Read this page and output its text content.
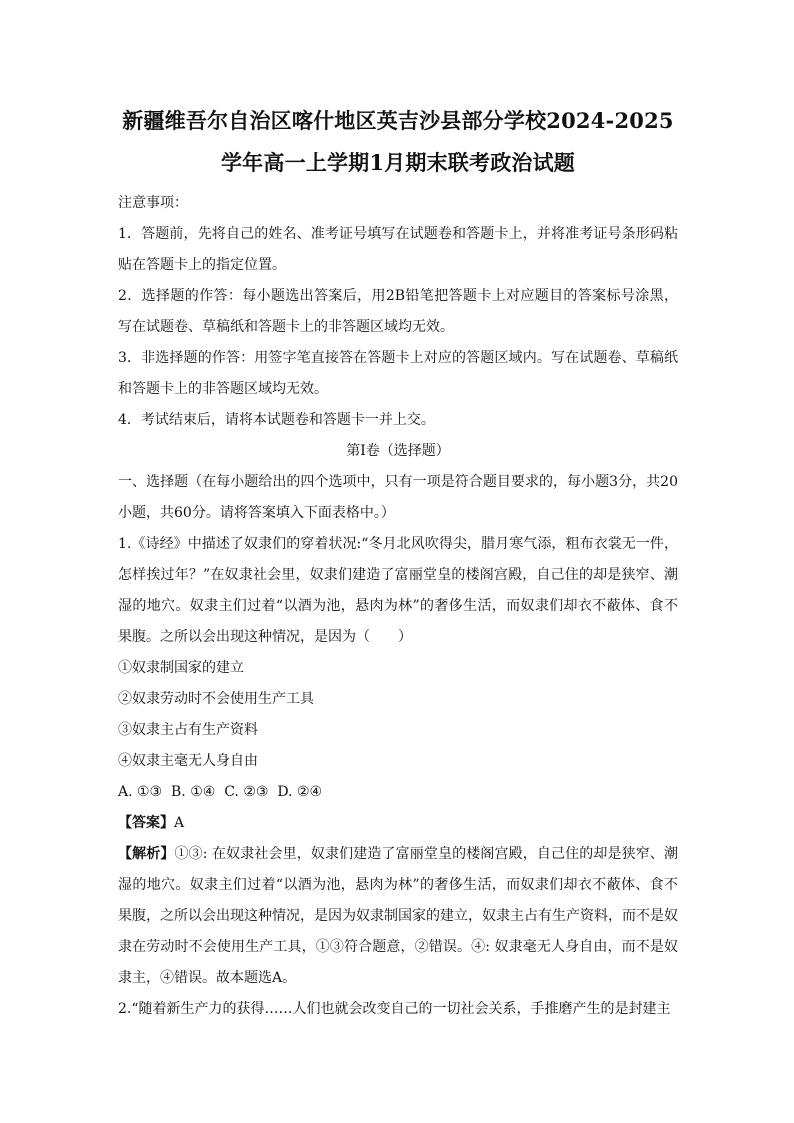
新疆维吾尔自治区喀什地区英吉沙县部分学校2024-2025
学年高一上学期1月期末联考政治试题

注意事项：

1．答题前，先将自己的姓名、准考证号填写在试题卷和答题卡上，并将准考证号条形码粘贴在答题卡上的指定位置。

2．选择题的作答：每小题选出答案后，用2B铅笔把答题卡上对应题目的答案标号涂黑，写在试题卷、草稿纸和答题卡上的非答题区域均无效。

3．非选择题的作答：用签字笔直接答在答题卡上对应的答题区域内。写在试题卷、草稿纸和答题卡上的非答题区域均无效。

4．考试结束后，请将本试题卷和答题卡一并上交。

第Ⅰ卷（选择题）

一、选择题（在每小题给出的四个选项中，只有一项是符合题目要求的，每小题3分，共20小题，共60分。请将答案填入下面表格中。）

1.《诗经》中描述了奴隶们的穿着状况:“冬月北风吹得尖，腊月寒气添，粗布衣裳无一件，怎样挨过年？”在奴隶社会里，奴隶们建造了富丽堂皇的楼阁宫殿，自己住的却是狭窄、潮湿的地穴。奴隶主们过着“以酒为池，悬肉为林”的奢侈生活，而奴隶们却衣不蔽体、食不果腹。之所以会出现这种情况，是因为（　　）

①奴隶制国家的建立

②奴隶劳动时不会使用生产工具

③奴隶主占有生产资料

④奴隶主毫无人身自由

A. ①③  B. ①④  C. ②③  D. ②④

【答案】A

【解析】①③: 在奴隶社会里，奴隶们建造了富丽堂皇的楼阁宫殿，自己住的却是狭窄、潮湿的地穴。奴隶主们过着“以酒为池，悬肉为林”的奢侈生活，而奴隶们却衣不蔽体、食不果腹，之所以会出现这种情况，是因为奴隶制国家的建立，奴隶主占有生产资料，而不是奴隶在劳动时不会使用生产工具，①③符合题意，②错误。④: 奴隶毫无人身自由，而不是奴隶主，④错误。故本题选A。

2.“随着新生产力的获得……人们也就会改变自己的一切社会关系，手推磨产生的是封建主
